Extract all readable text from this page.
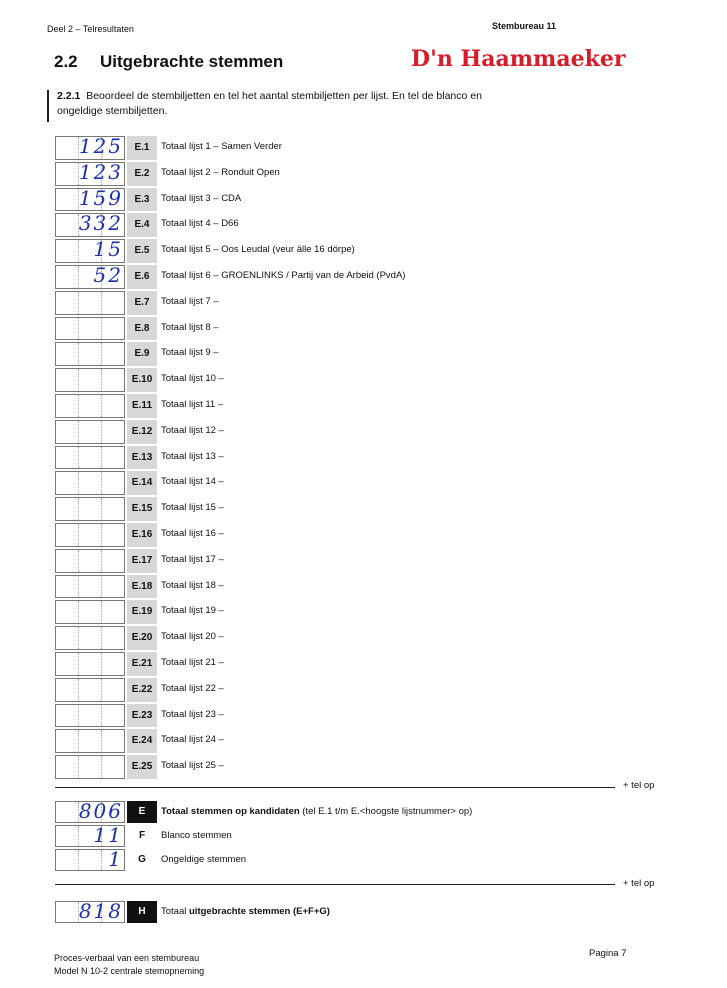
Deel 2 – Telresultaten	Stembureau 11
2.2 Uitgebrachte stemmen	D'n Haammaeker
2.2.1 Beoordeel de stembiljetten en tel het aantal stembiljetten per lijst. En tel de blanco en ongeldige stembiljetten.
125	E.1	Totaal lijst 1 – Samen Verder
123	E.2	Totaal lijst 2 – Ronduit Open
159	E.3	Totaal lijst 3 – CDA
332	E.4	Totaal lijst 4 – D66
15	E.5	Totaal lijst 5 – Oos Leudal (veur älle 16 dörpe)
52	E.6	Totaal lijst 6 – GROENLINKS / Partij van de Arbeid (PvdA)
E.7	Totaal lijst 7 –
E.8	Totaal lijst 8 –
E.9	Totaal lijst 9 –
E.10 Totaal lijst 10 –
E.11 Totaal lijst 11 –
E.12 Totaal lijst 12 –
E.13 Totaal lijst 13 –
E.14 Totaal lijst 14 –
E.15 Totaal lijst 15 –
E.16 Totaal lijst 16 –
E.17 Totaal lijst 17 –
E.18 Totaal lijst 18 –
E.19 Totaal lijst 19 –
E.20 Totaal lijst 20 –
E.21 Totaal lijst 21 –
E.22 Totaal lijst 22 –
E.23 Totaal lijst 23 –
E.24 Totaal lijst 24 –
E.25 Totaal lijst 25 –
+ tel op
806	E	Totaal stemmen op kandidaten (tel E.1 t/m E.<hoogste lijstnummer> op)
11	F	Blanco stemmen
1	G	Ongeldige stemmen
+ tel op
818	H	Totaal uitgebrachte stemmen (E+F+G)
Proces-verbaal van een stembureau
Model N 10-2 centrale stemopneming
Pagina 7
